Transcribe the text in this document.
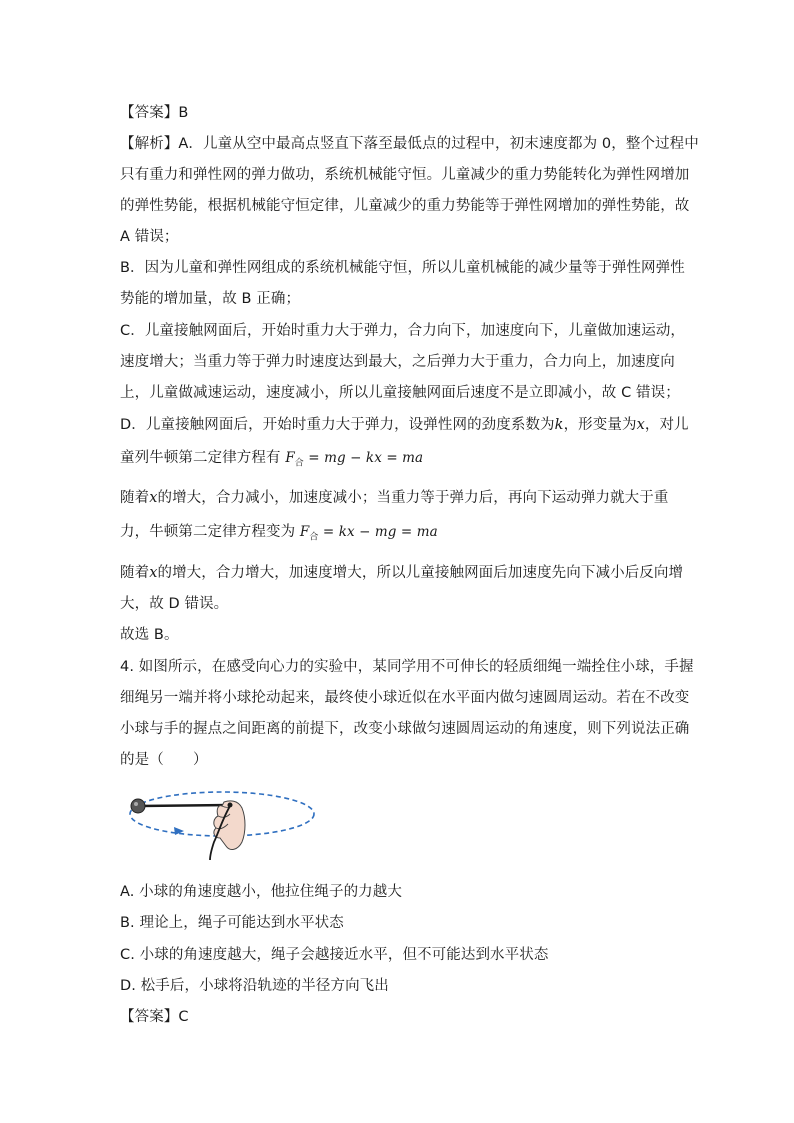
【答案】B
【解析】A．儿童从空中最高点竖直下落至最低点的过程中，初末速度都为 0，整个过程中
只有重力和弹性网的弹力做功，系统机械能守恒。儿童减少的重力势能转化为弹性网增加
的弹性势能，根据机械能守恒定律，儿童减少的重力势能等于弹性网增加的弹性势能，故
A 错误；
B．因为儿童和弹性网组成的系统机械能守恒，所以儿童机械能的减少量等于弹性网弹性
势能的增加量，故 B 正确；
C．儿童接触网面后，开始时重力大于弹力，合力向下，加速度向下，儿童做加速运动，
速度增大；当重力等于弹力时速度达到最大，之后弹力大于重力，合力向上，加速度向
上，儿童做减速运动，速度减小，所以儿童接触网面后速度不是立即减小，故 C 错误；
D．儿童接触网面后，开始时重力大于弹力，设弹性网的劲度系数为k，形变量为x，对儿
童列牛顿第二定律方程有 $F_合$ = mg − kx = ma
随着x的增大，合力减小，加速度减小；当重力等于弹力后，再向下运动弹力就大于重
力，牛顿第二定律方程变为 $F_合$ = kx − mg = ma
随着x的增大，合力增大，加速度增大，所以儿童接触网面后加速度先向下减小后反向增
大，故 D 错误。
故选 B。
4. 如图所示，在感受向心力的实验中，某同学用不可伸长的轻质细绳一端拴住小球，手握
细绳另一端并将小球抡动起来，最终使小球近似在水平面内做匀速圆周运动。若在不改变
小球与手的握点之间距离的前提下，改变小球做匀速圆周运动的角速度，则下列说法正确
的是（　　）
A. 小球的角速度越小，他拉住绳子的力越大
B. 理论上，绳子可能达到水平状态
C. 小球的角速度越大，绳子会越接近水平，但不可能达到水平状态
D. 松手后，小球将沿轨迹的半径方向飞出
【答案】C
